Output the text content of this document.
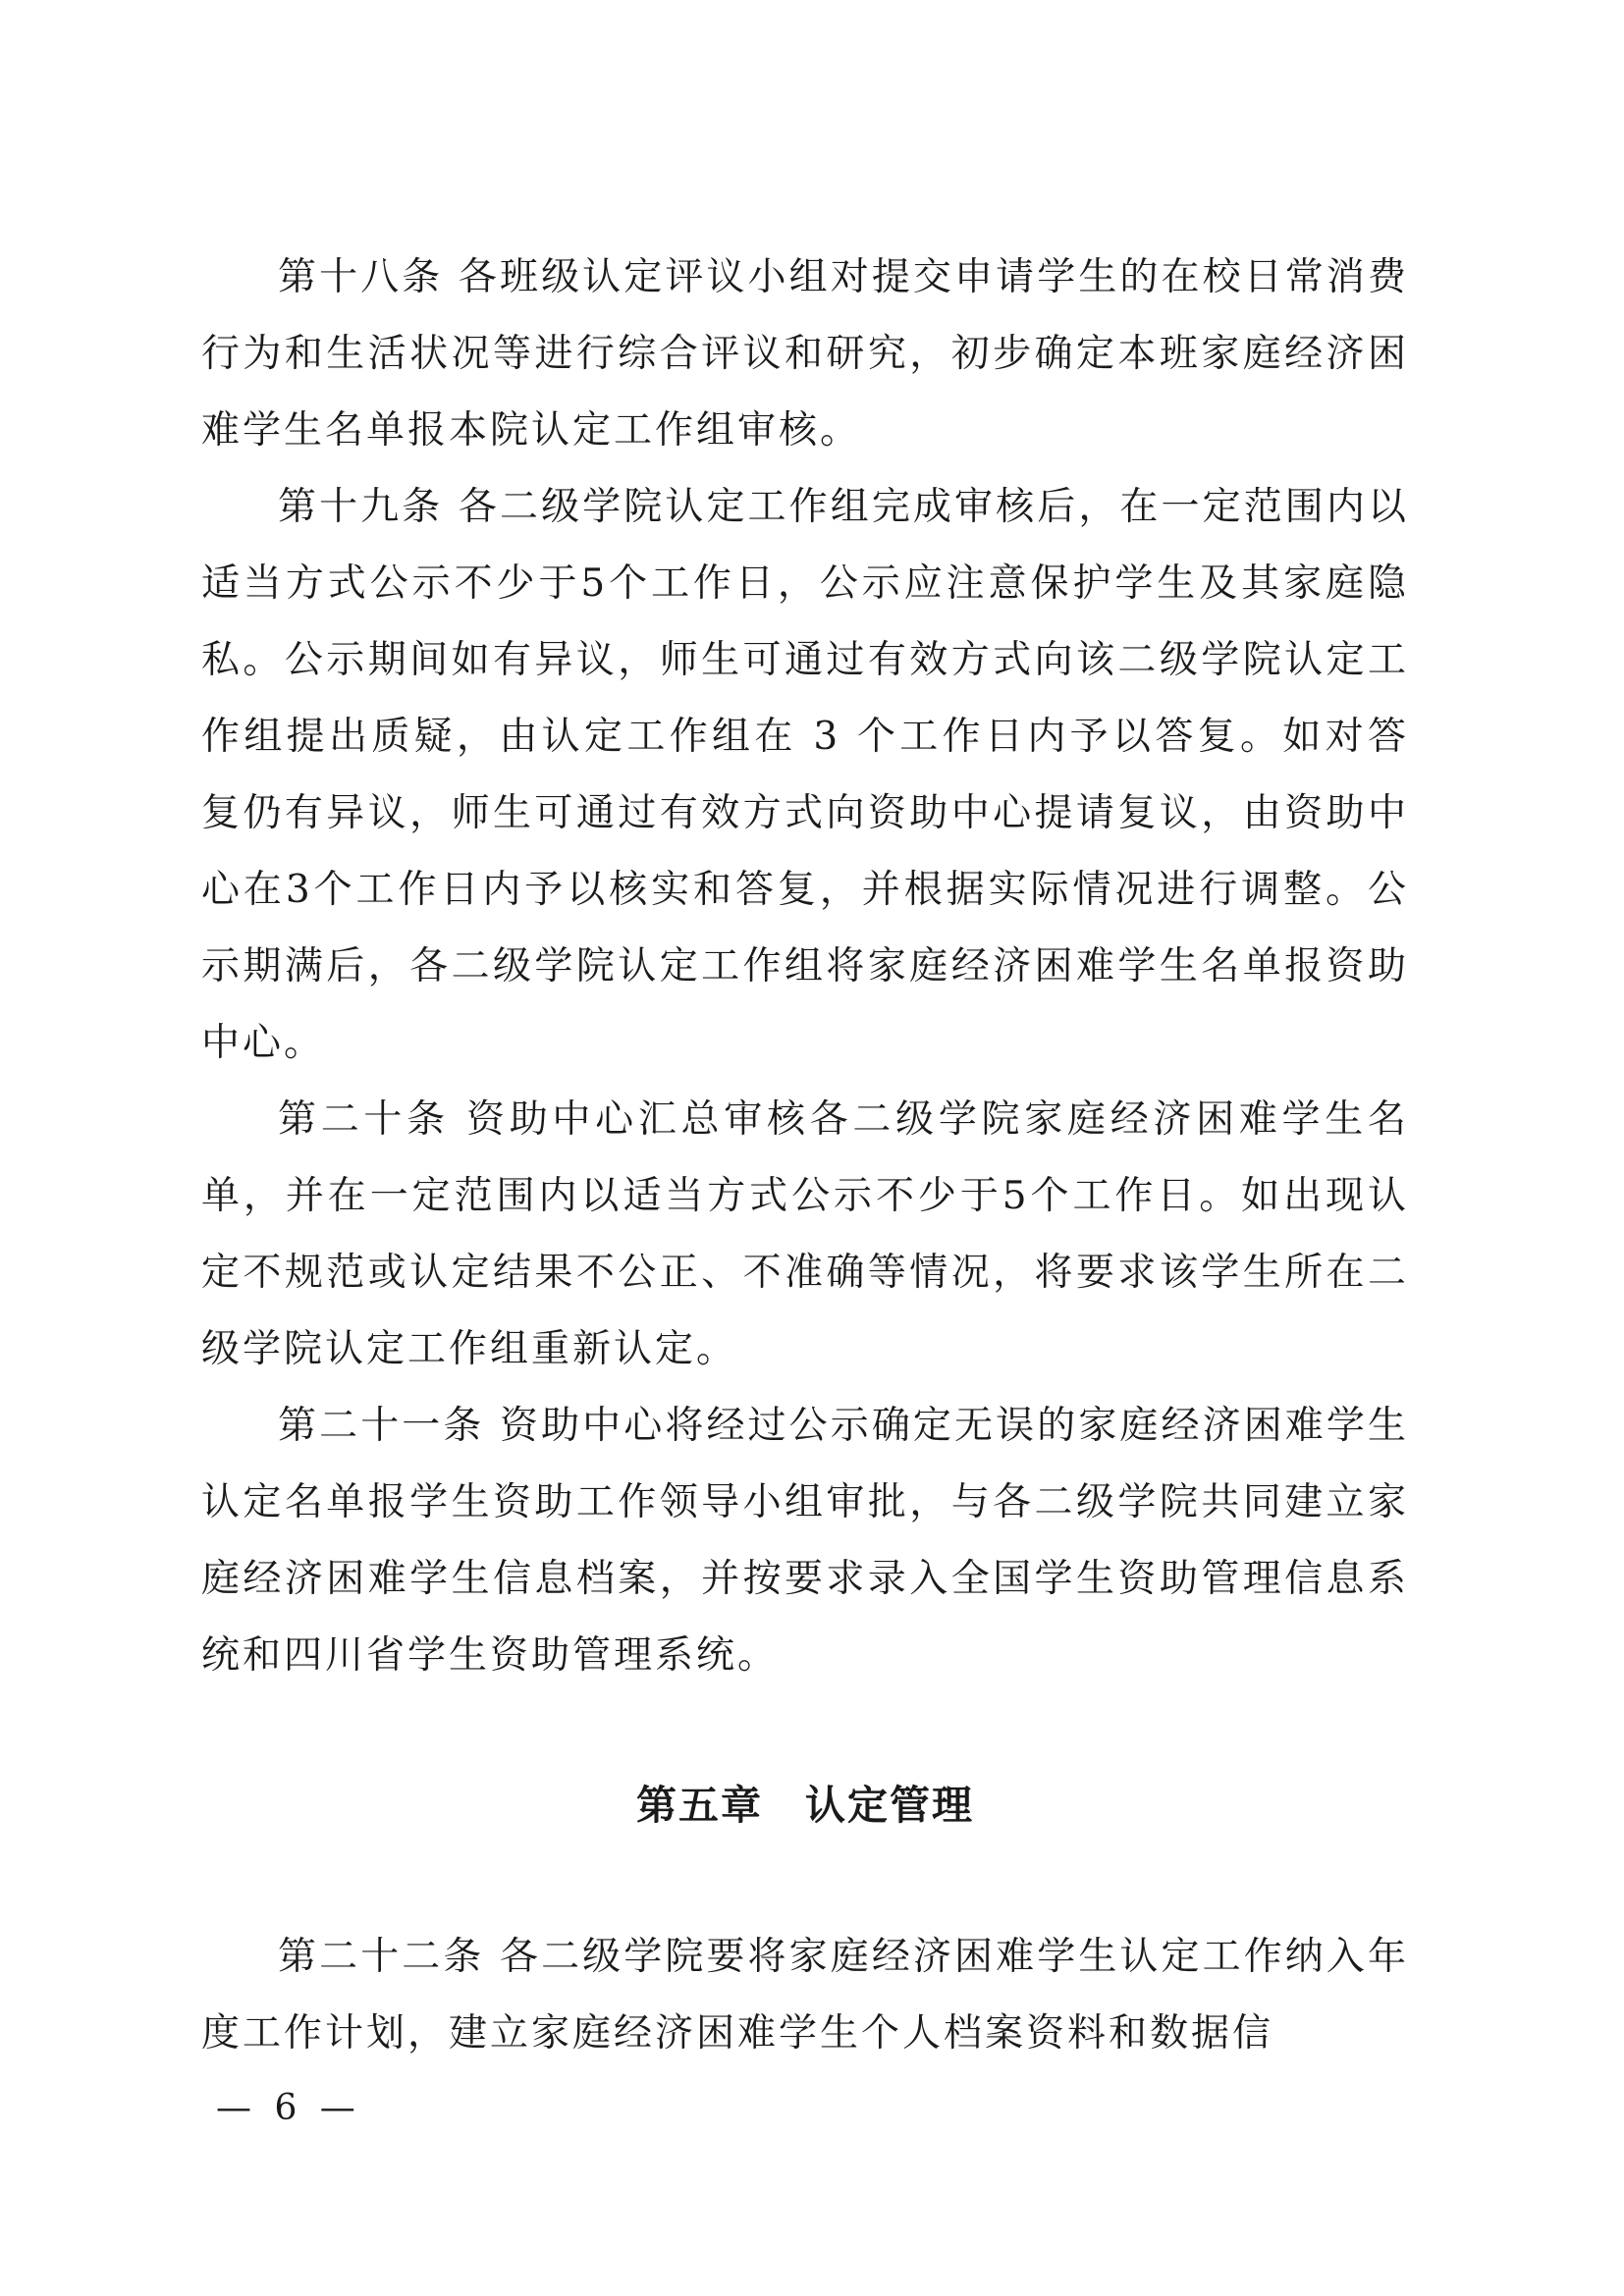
第十八条 各班级认定评议小组对提交申请学生的在校日常消费行为和生活状况等进行综合评议和研究，初步确定本班家庭经济困难学生名单报本院认定工作组审核。

第十九条 各二级学院认定工作组完成审核后，在一定范围内以适当方式公示不少于5个工作日，公示应注意保护学生及其家庭隐私。公示期间如有异议，师生可通过有效方式向该二级学院认定工作组提出质疑，由认定工作组在 3 个工作日内予以答复。如对答复仍有异议，师生可通过有效方式向资助中心提请复议，由资助中心在3个工作日内予以核实和答复，并根据实际情况进行调整。公示期满后，各二级学院认定工作组将家庭经济困难学生名单报资助中心。

第二十条 资助中心汇总审核各二级学院家庭经济困难学生名单，并在一定范围内以适当方式公示不少于5个工作日。如出现认定不规范或认定结果不公正、不准确等情况，将要求该学生所在二级学院认定工作组重新认定。

第二十一条 资助中心将经过公示确定无误的家庭经济困难学生认定名单报学生资助工作领导小组审批，与各二级学院共同建立家庭经济困难学生信息档案，并按要求录入全国学生资助管理信息系统和四川省学生资助管理系统。

第五章　认定管理

第二十二条 各二级学院要将家庭经济困难学生认定工作纳入年度工作计划，建立家庭经济困难学生个人档案资料和数据信

— 6 —
